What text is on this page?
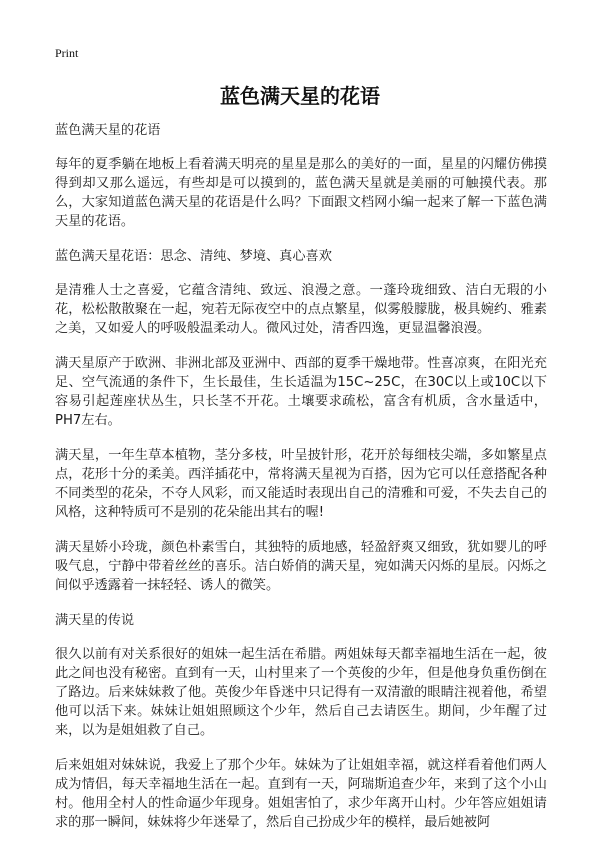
Print
蓝色满天星的花语

蓝色满天星的花语

每年的夏季躺在地板上看着满天明亮的星星是那么的美好的一面，星星的闪耀仿佛摸得到却又那么遥远，有些却是可以摸到的，蓝色满天星就是美丽的可触摸代表。那么，大家知道蓝色满天星的花语是什么吗？下面跟文档网小编一起来了解一下蓝色满天星的花语。

蓝色满天星花语：思念、清纯、梦境、真心喜欢

是清雅人士之喜爱，它蕴含清纯、致远、浪漫之意。一蓬玲珑细致、洁白无瑕的小花，松松散散聚在一起，宛若无际夜空中的点点繁星，似雾般朦胧，极具婉约、雅素之美，又如爱人的呼吸般温柔动人。微风过处，清香四逸，更显温馨浪漫。

满天星原产于欧洲、非洲北部及亚洲中、西部的夏季干燥地带。性喜凉爽，在阳光充足、空气流通的条件下，生长最佳，生长适温为15C~25C，在30C以上或10C以下容易引起莲座状丛生，只长茎不开花。土壤要求疏松，富含有机质，含水量适中，PH7左右。

满天星，一年生草本植物，茎分多枝，叶呈披针形，花开於每细枝尖端，多如繁星点点，花形十分的柔美。西洋插花中，常将满天星视为百搭，因为它可以任意搭配各种不同类型的花朵，不夺人风彩，而又能适时表现出自己的清雅和可爱，不失去自己的风格，这种特质可不是别的花朵能出其右的喔!

满天星娇小玲珑，颜色朴素雪白，其独特的质地感，轻盈舒爽又细致，犹如婴儿的呼吸气息，宁静中带着丝丝的喜乐。洁白娇俏的满天星，宛如满天闪烁的星辰。闪烁之间似乎透露着一抹轻轻、诱人的微笑。

满天星的传说

很久以前有对关系很好的姐妹一起生活在希腊。两姐妹每天都幸福地生活在一起，彼此之间也没有秘密。直到有一天，山村里来了一个英俊的少年，但是他身负重伤倒在了路边。后来妹妹救了他。英俊少年昏迷中只记得有一双清澈的眼睛注视着他，希望他可以活下来。妹妹让姐姐照顾这个少年，然后自己去请医生。期间，少年醒了过来，以为是姐姐救了自己。

后来姐姐对妹妹说，我爱上了那个少年。妹妹为了让姐姐幸福，就这样看着他们两人成为情侣，每天幸福地生活在一起。直到有一天，阿瑞斯追查少年，来到了这个小山村。他用全村人的性命逼少年现身。姐姐害怕了，求少年离开山村。少年答应姐姐请求的那一瞬间，妹妹将少年迷晕了，然后自己扮成少年的模样，最后她被阿
